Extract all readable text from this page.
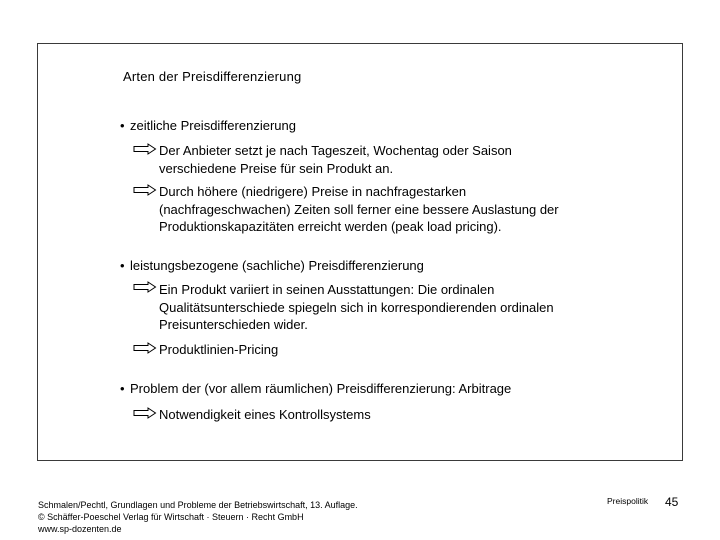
Arten der Preisdifferenzierung
• zeitliche Preisdifferenzierung
Der Anbieter setzt je nach Tageszeit, Wochentag oder Saison
verschiedene Preise für sein Produkt an.
Durch höhere (niedrigere) Preise in nachfragestarken
(nachfrageschwachen) Zeiten soll ferner eine bessere Auslastung der
Produktionskapazitäten erreicht werden (peak load pricing).
• leistungsbezogene (sachliche) Preisdifferenzierung
Ein Produkt variiert in seinen Ausstattungen: Die ordinalen
Qualitätsunterschiede spiegeln sich in korrespondierenden ordinalen
Preisunterschieden wider.
Produktlinien-Pricing
• Problem der (vor allem räumlichen) Preisdifferenzierung: Arbitrage
Notwendigkeit eines Kontrollsystems
Schmalen/Pechtl, Grundlagen und Probleme der Betriebswirtschaft, 13. Auflage.
© Schäffer-Poeschel Verlag für Wirtschaft · Steuern · Recht GmbH
www.sp-dozenten.de
Preispolitik 45
